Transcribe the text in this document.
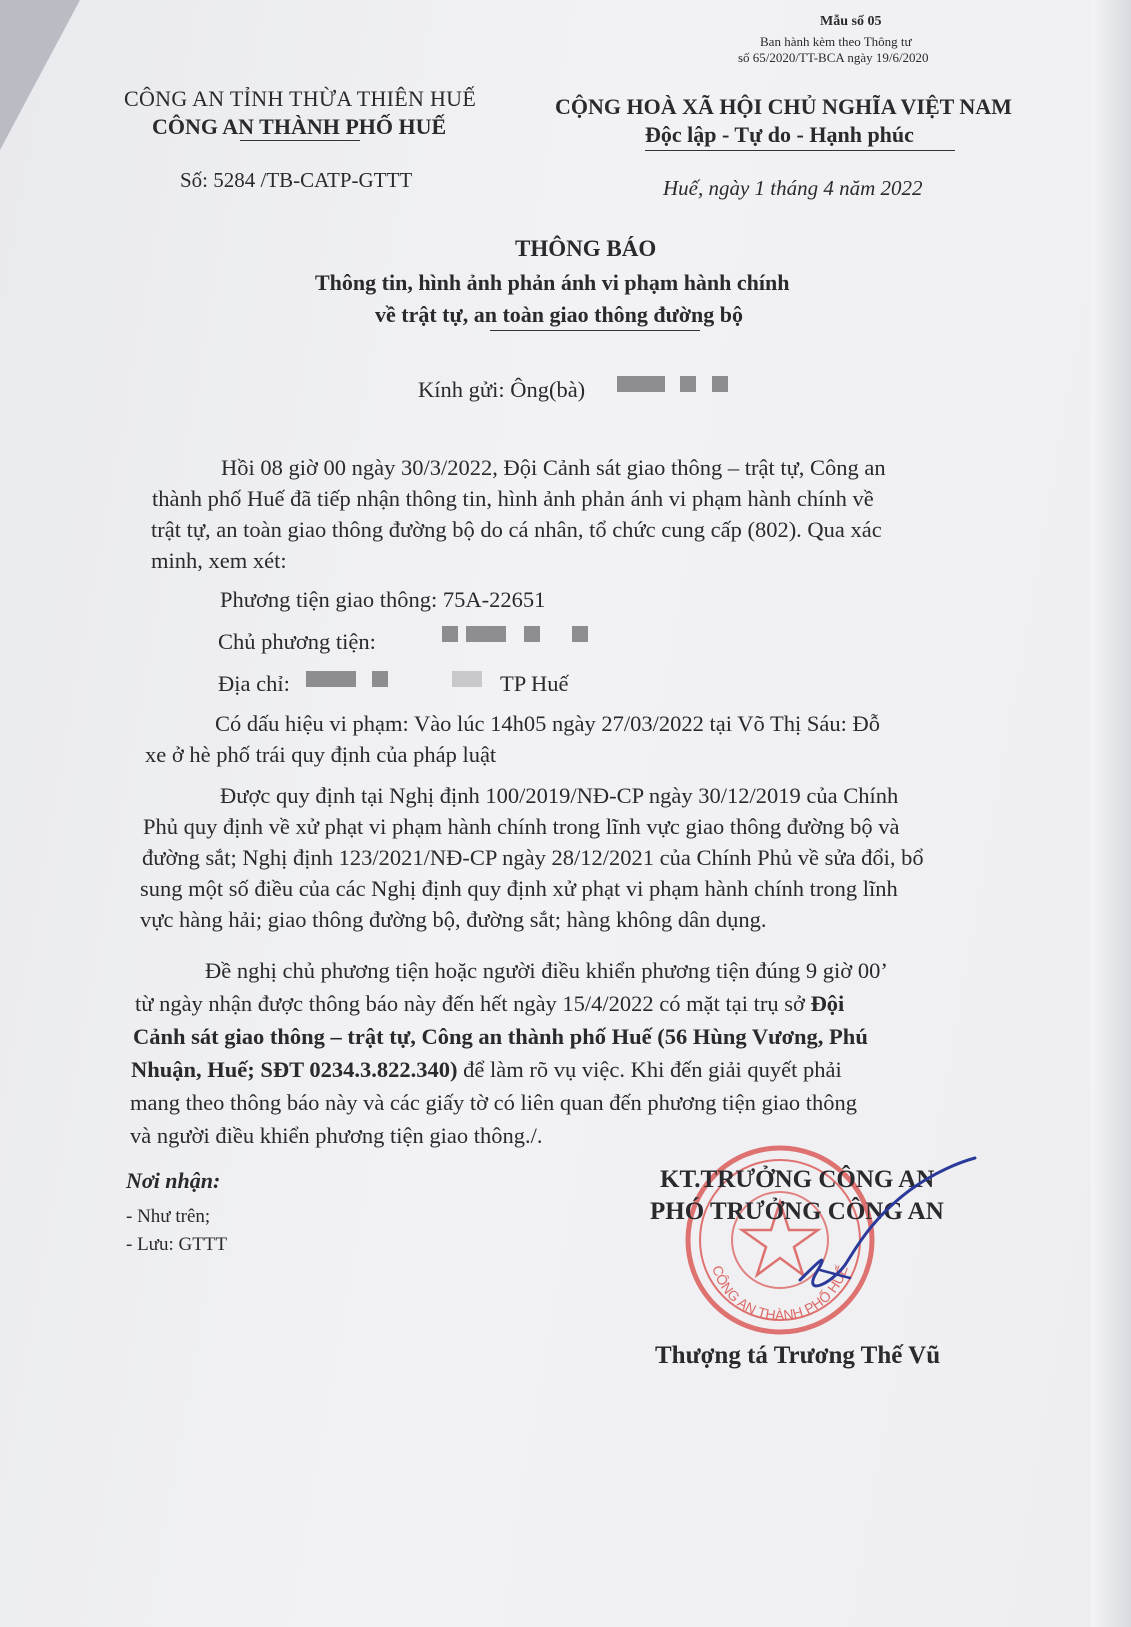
Mẫu số 05
Ban hành kèm theo Thông tư
số 65/2020/TT-BCA ngày 19/6/2020
CÔNG AN TỈNH THỪA THIÊN HUẾ
CÔNG AN THÀNH PHỐ HUẾ
Số: 5284 /TB-CATP-GTTT
CỘNG HOÀ XÃ HỘI CHỦ NGHĨA VIỆT NAM
Độc lập - Tự do - Hạnh phúc
Huế, ngày 1 tháng 4 năm 2022
THÔNG BÁO
Thông tin, hình ảnh phản ánh vi phạm hành chính
về trật tự, an toàn giao thông đường bộ
Kính gửi: Ông(bà)
Hồi 08 giờ 00 ngày 30/3/2022, Đội Cảnh sát giao thông – trật tự, Công an
thành phố Huế đã tiếp nhận thông tin, hình ảnh phản ánh vi phạm hành chính về
trật tự, an toàn giao thông đường bộ do cá nhân, tổ chức cung cấp (802). Qua xác
minh, xem xét:
Phương tiện giao thông: 75A-22651
Chủ phương tiện:
Địa chỉ:	TP Huế
Có dấu hiệu vi phạm: Vào lúc 14h05 ngày 27/03/2022 tại Võ Thị Sáu: Đỗ
xe ở hè phố trái quy định của pháp luật
Được quy định tại Nghị định 100/2019/NĐ-CP ngày 30/12/2019 của Chính
Phủ quy định về xử phạt vi phạm hành chính trong lĩnh vực giao thông đường bộ và
đường sắt; Nghị định 123/2021/NĐ-CP ngày 28/12/2021 của Chính Phủ về sửa đổi, bổ
sung một số điều của các Nghị định quy định xử phạt vi phạm hành chính trong lĩnh
vực hàng hải; giao thông đường bộ, đường sắt; hàng không dân dụng.
Đề nghị chủ phương tiện hoặc người điều khiển phương tiện đúng 9 giờ 00’
từ ngày nhận được thông báo này đến hết ngày 15/4/2022 có mặt tại trụ sở Đội
Cảnh sát giao thông – trật tự, Công an thành phố Huế (56 Hùng Vương, Phú
Nhuận, Huế; SĐT 0234.3.822.340) để làm rõ vụ việc. Khi đến giải quyết phải
mang theo thông báo này và các giấy tờ có liên quan đến phương tiện giao thông
và người điều khiển phương tiện giao thông./.
Nơi nhận:
- Như trên;
- Lưu: GTTT
CÔNG AN THÀNH PHỐ HUẾ
KT.TRƯỞNG CÔNG AN
PHÓ TRƯỞNG CÔNG AN
Thượng tá Trương Thế Vũ
